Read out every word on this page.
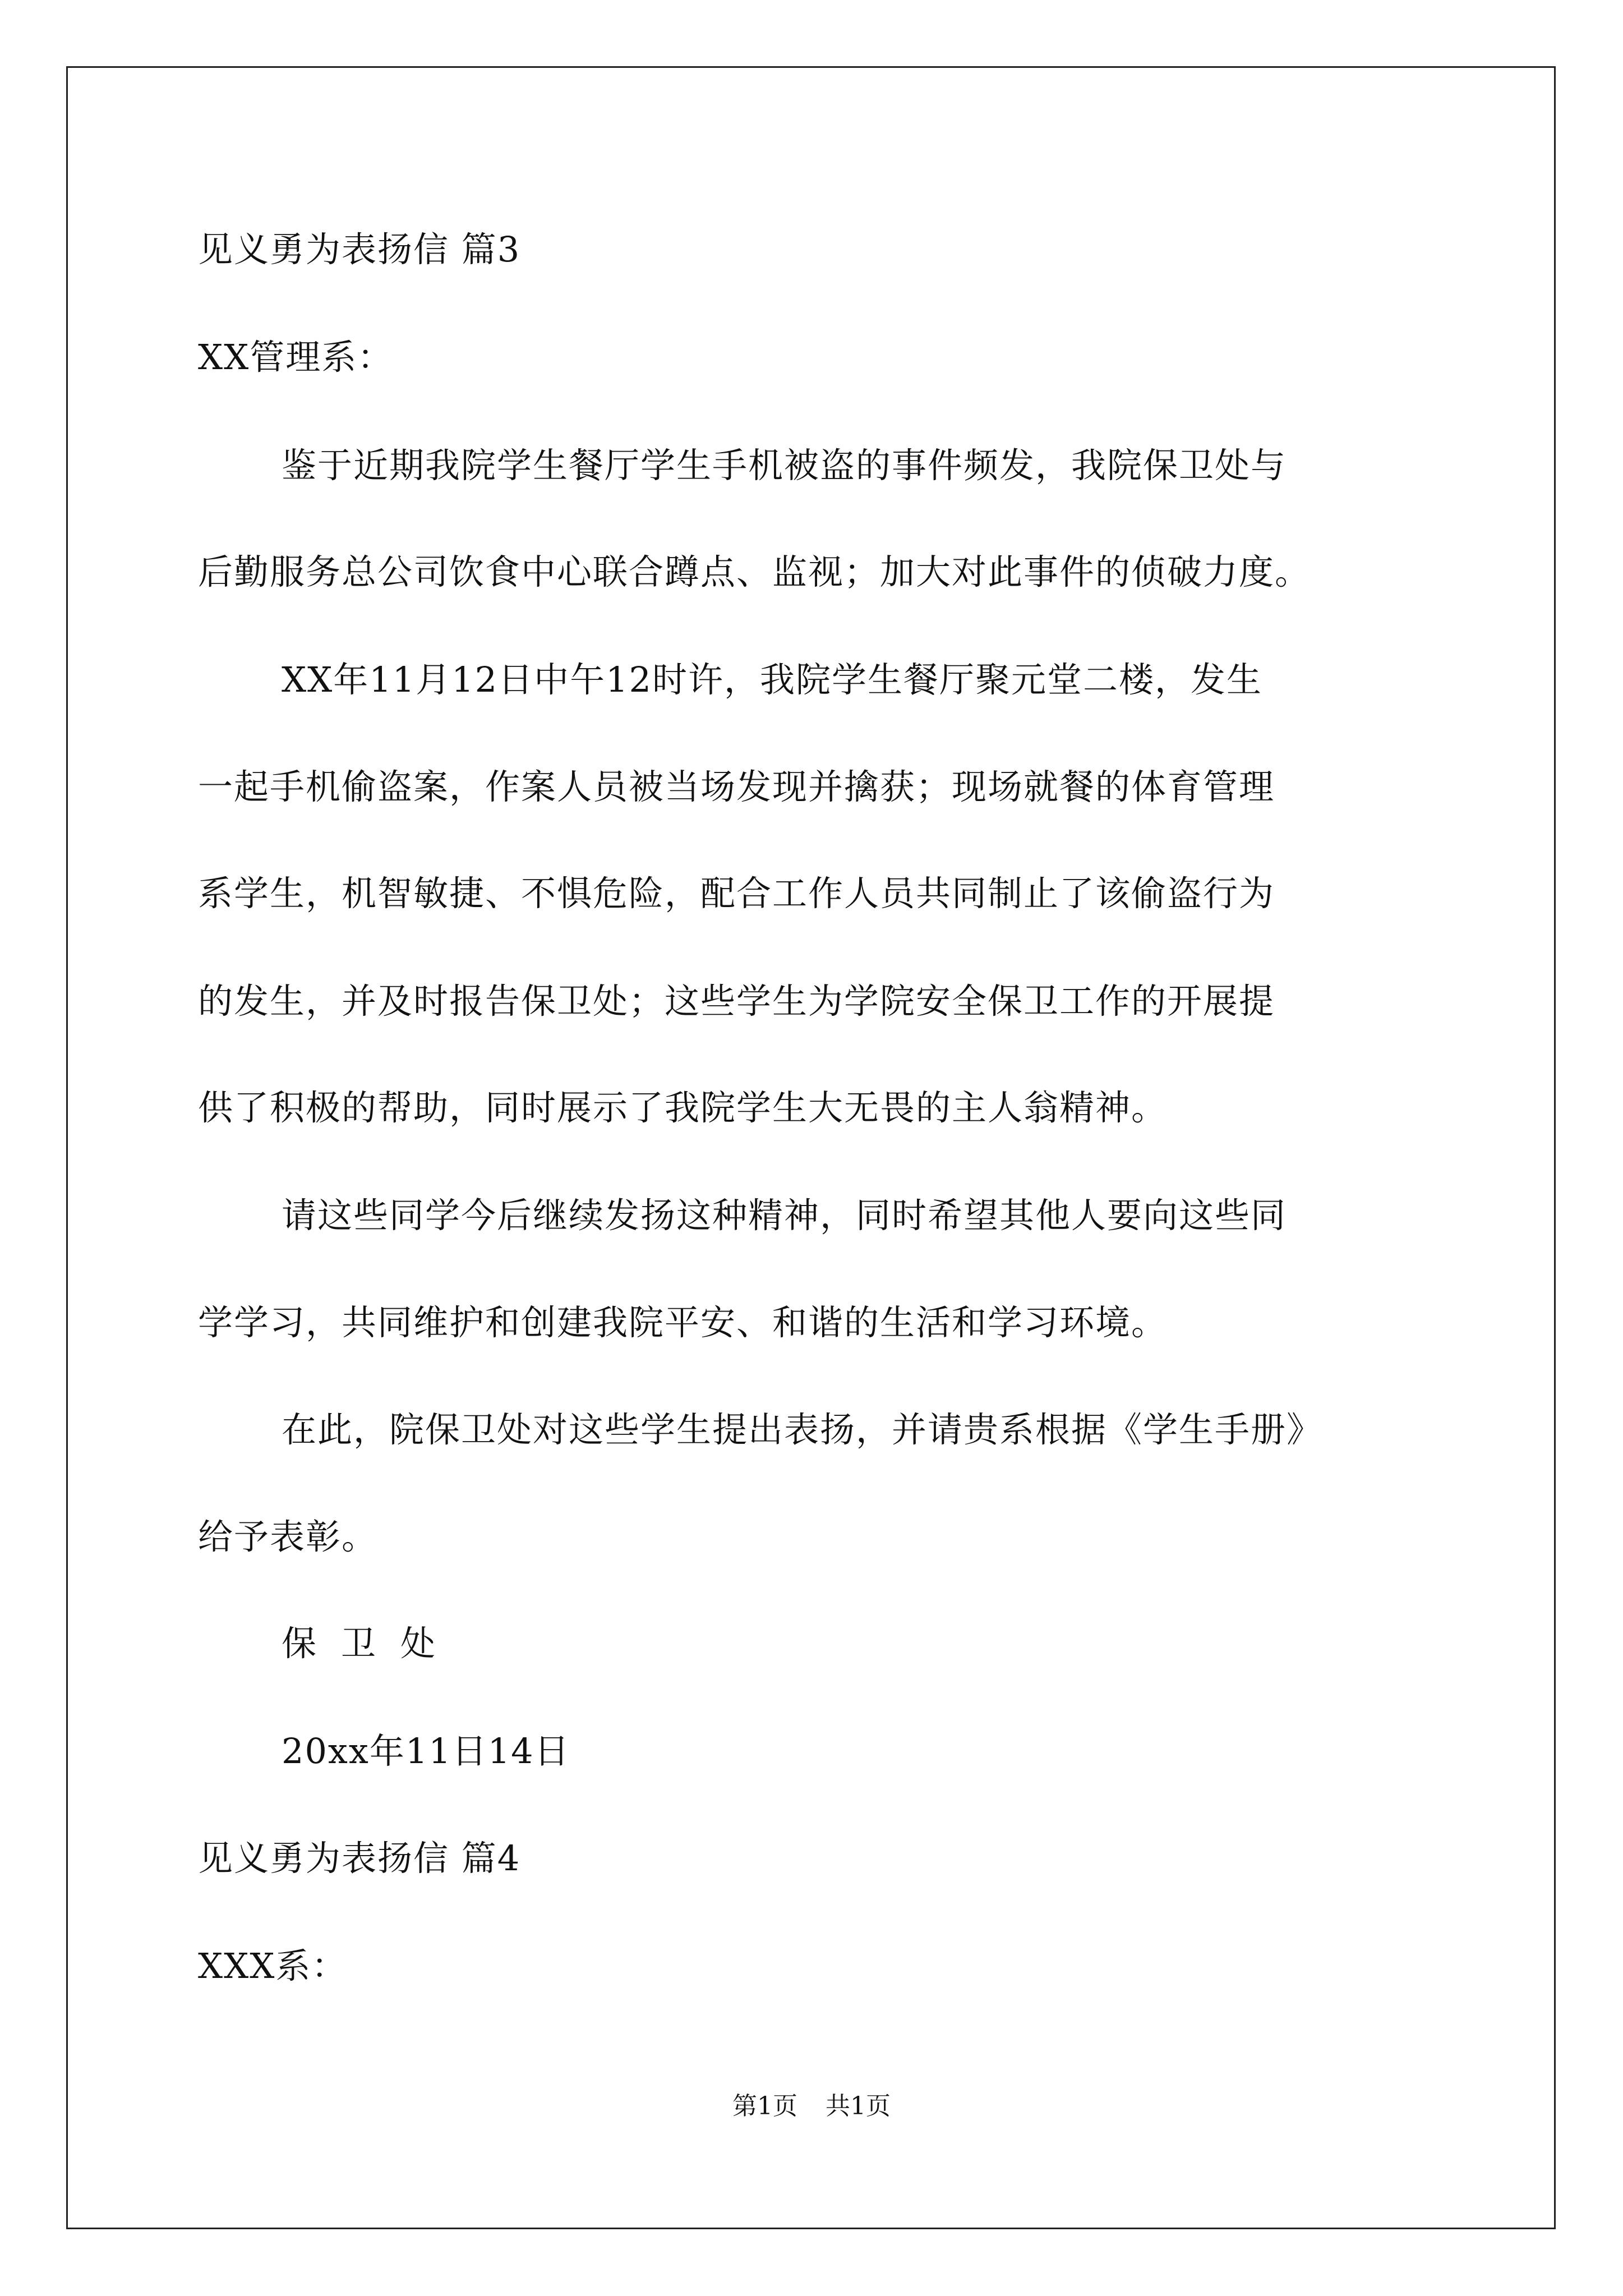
见义勇为表扬信 篇3
XX管理系：
鉴于近期我院学生餐厅学生手机被盗的事件频发，我院保卫处与
后勤服务总公司饮食中心联合蹲点、监视；加大对此事件的侦破力度。
XX年11月12日中午12时许，我院学生餐厅聚元堂二楼，发生
一起手机偷盗案，作案人员被当场发现并擒获；现场就餐的体育管理
系学生，机智敏捷、不惧危险，配合工作人员共同制止了该偷盗行为
的发生，并及时报告保卫处；这些学生为学院安全保卫工作的开展提
供了积极的帮助，同时展示了我院学生大无畏的主人翁精神。
请这些同学今后继续发扬这种精神，同时希望其他人要向这些同
学学习，共同维护和创建我院平安、和谐的生活和学习环境。
在此，院保卫处对这些学生提出表扬，并请贵系根据《学生手册》
给予表彰。
保卫处
20xx年11日14日
见义勇为表扬信 篇4
XXX系：
第1页 共1页
